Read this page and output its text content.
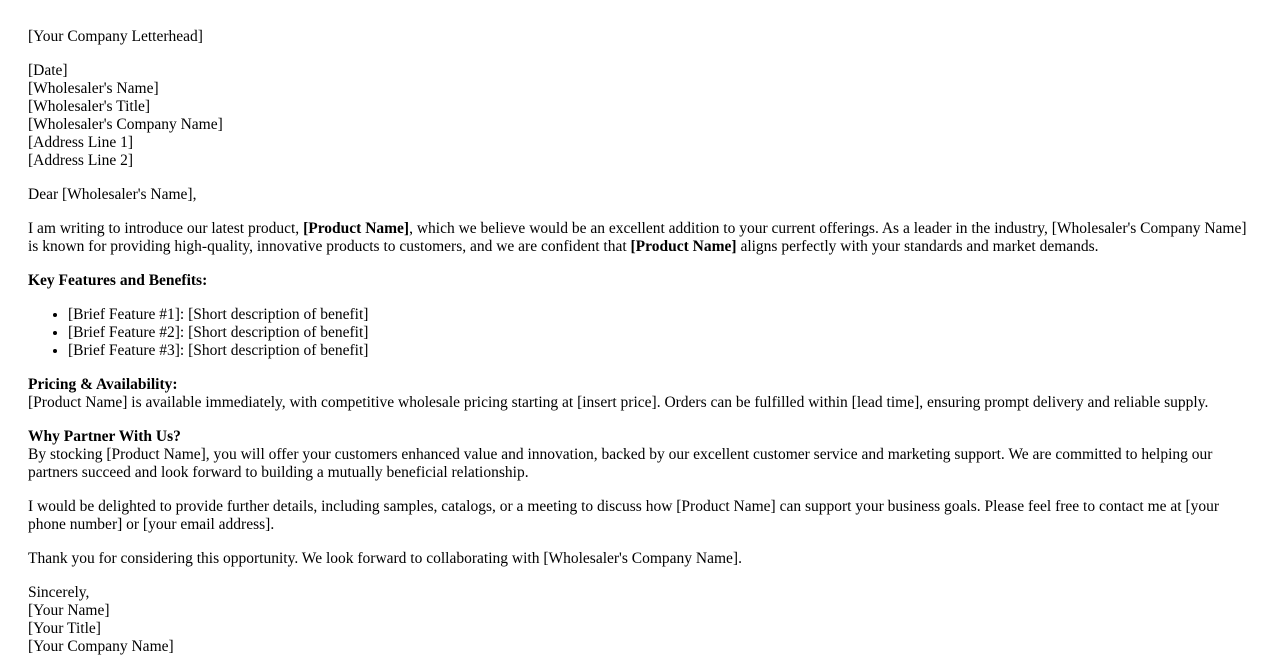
[Your Company Letterhead]

[Date]
[Wholesaler's Name]
[Wholesaler's Title]
[Wholesaler's Company Name]
[Address Line 1]
[Address Line 2]

Dear [Wholesaler's Name],

I am writing to introduce our latest product, [Product Name], which we believe would be an excellent addition to your current offerings. As a leader in the industry, [Wholesaler's Company Name] is known for providing high-quality, innovative products to customers, and we are confident that [Product Name] aligns perfectly with your standards and market demands.

Key Features and Benefits:

• [Brief Feature #1]: [Short description of benefit]
• [Brief Feature #2]: [Short description of benefit]
• [Brief Feature #3]: [Short description of benefit]
Pricing & Availability:
[Product Name] is available immediately, with competitive wholesale pricing starting at [insert price]. Orders can be fulfilled within [lead time], ensuring prompt delivery and reliable supply.
Why Partner With Us?
By stocking [Product Name], you will offer your customers enhanced value and innovation, backed by our excellent customer service and marketing support. We are committed to helping our partners succeed and look forward to building a mutually beneficial relationship.

I would be delighted to provide further details, including samples, catalogs, or a meeting to discuss how [Product Name] can support your business goals. Please feel free to contact me at [your phone number] or [your email address].

Thank you for considering this opportunity. We look forward to collaborating with [Wholesaler's Company Name].

Sincerely,
[Your Name]
[Your Title]
[Your Company Name]
